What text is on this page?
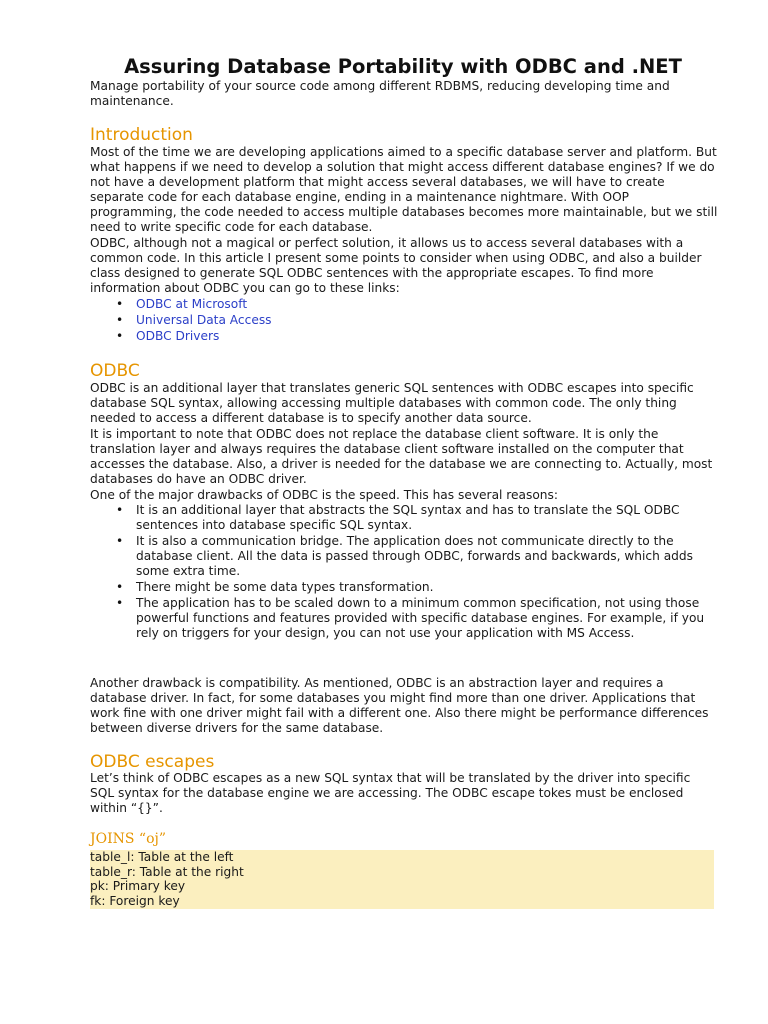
Assuring Database Portability with ODBC and .NET

Manage portability of your source code among different RDBMS, reducing developing time and maintenance.

Introduction

Most of the time we are developing applications aimed to a specific database server and platform. But what happens if we need to develop a solution that might access different database engines? If we do not have a development platform that might access several databases, we will have to create separate code for each database engine, ending in a maintenance nightmare. With OOP programming, the code needed to access multiple databases becomes more maintainable, but we still need to write specific code for each database.

ODBC, although not a magical or perfect solution, it allows us to access several databases with a common code. In this article I present some points to consider when using ODBC, and also a builder class designed to generate SQL ODBC sentences with the appropriate escapes. To find more information about ODBC you can go to these links:

• ODBC at Microsoft
• Universal Data Access
• ODBC Drivers
ODBC

ODBC is an additional layer that translates generic SQL sentences with ODBC escapes into specific database SQL syntax, allowing accessing multiple databases with common code. The only thing needed to access a different database is to specify another data source.

It is important to note that ODBC does not replace the database client software. It is only the translation layer and always requires the database client software installed on the computer that accesses the database. Also, a driver is needed for the database we are connecting to. Actually, most databases do have an ODBC driver.

One of the major drawbacks of ODBC is the speed. This has several reasons:

• It is an additional layer that abstracts the SQL syntax and has to translate the SQL ODBC sentences into database specific SQL syntax.
• It is also a communication bridge. The application does not communicate directly to the database client. All the data is passed through ODBC, forwards and backwards, which adds some extra time.
• There might be some data types transformation.
• The application has to be scaled down to a minimum common specification, not using those powerful functions and features provided with specific database engines. For example, if you rely on triggers for your design, you can not use your application with MS Access.

Another drawback is compatibility. As mentioned, ODBC is an abstraction layer and requires a database driver. In fact, for some databases you might find more than one driver. Applications that work fine with one driver might fail with a different one. Also there might be performance differences between diverse drivers for the same database.

ODBC escapes

Let’s think of ODBC escapes as a new SQL syntax that will be translated by the driver into specific SQL syntax for the database engine we are accessing. The ODBC escape tokes must be enclosed within “{}”.

JOINS “oj”
table_l: Table at the left
table_r: Table at the right
pk: Primary key
fk: Foreign key
